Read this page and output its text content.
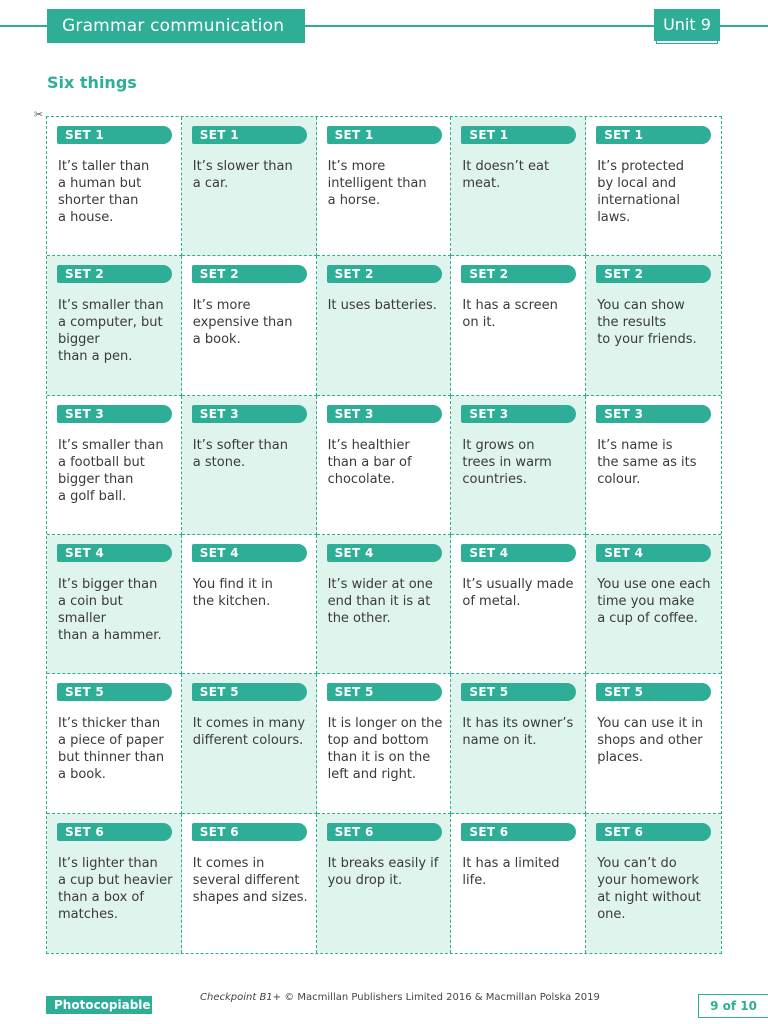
Grammar communication	Unit 9
Six things
✂
SET 1
It’s taller than
a human but
shorter than
a house.
SET 1
It’s slower than
a car.
SET 1
It’s more
intelligent than
a horse.
SET 1
It doesn’t eat
meat.
SET 1
It’s protected
by local and
international
laws.
SET 2
It’s smaller than
a computer, but
bigger
than a pen.
SET 2
It’s more
expensive than
a book.
SET 2
It uses batteries.
SET 2
It has a screen
on it.
SET 2
You can show
the results
to your friends.
SET 3
It’s smaller than
a football but
bigger than
a golf ball.
SET 3
It’s softer than
a stone.
SET 3
It’s healthier
than a bar of
chocolate.
SET 3
It grows on
trees in warm
countries.
SET 3
It’s name is
the same as its
colour.
SET 4
It’s bigger than
a coin but smaller
than a hammer.
SET 4
You find it in
the kitchen.
SET 4
It’s wider at one
end than it is at
the other.
SET 4
It’s usually made
of metal.
SET 4
You use one each
time you make
a cup of coffee.
SET 5
It’s thicker than
a piece of paper
but thinner than
a book.
SET 5
It comes in many
different colours.
SET 5
It is longer on the
top and bottom
than it is on the
left and right.
SET 5
It has its owner’s
name on it.
SET 5
You can use it in
shops and other
places.
SET 6
It’s lighter than
a cup but heavier
than a box of
matches.
SET 6
It comes in
several different
shapes and sizes.
SET 6
It breaks easily if
you drop it.
SET 6
It has a limited
life.
SET 6
You can’t do
your homework
at night without
one.
Photocopiable
Checkpoint B1+ © Macmillan Publishers Limited 2016 & Macmillan Polska 2019
9 of 10
